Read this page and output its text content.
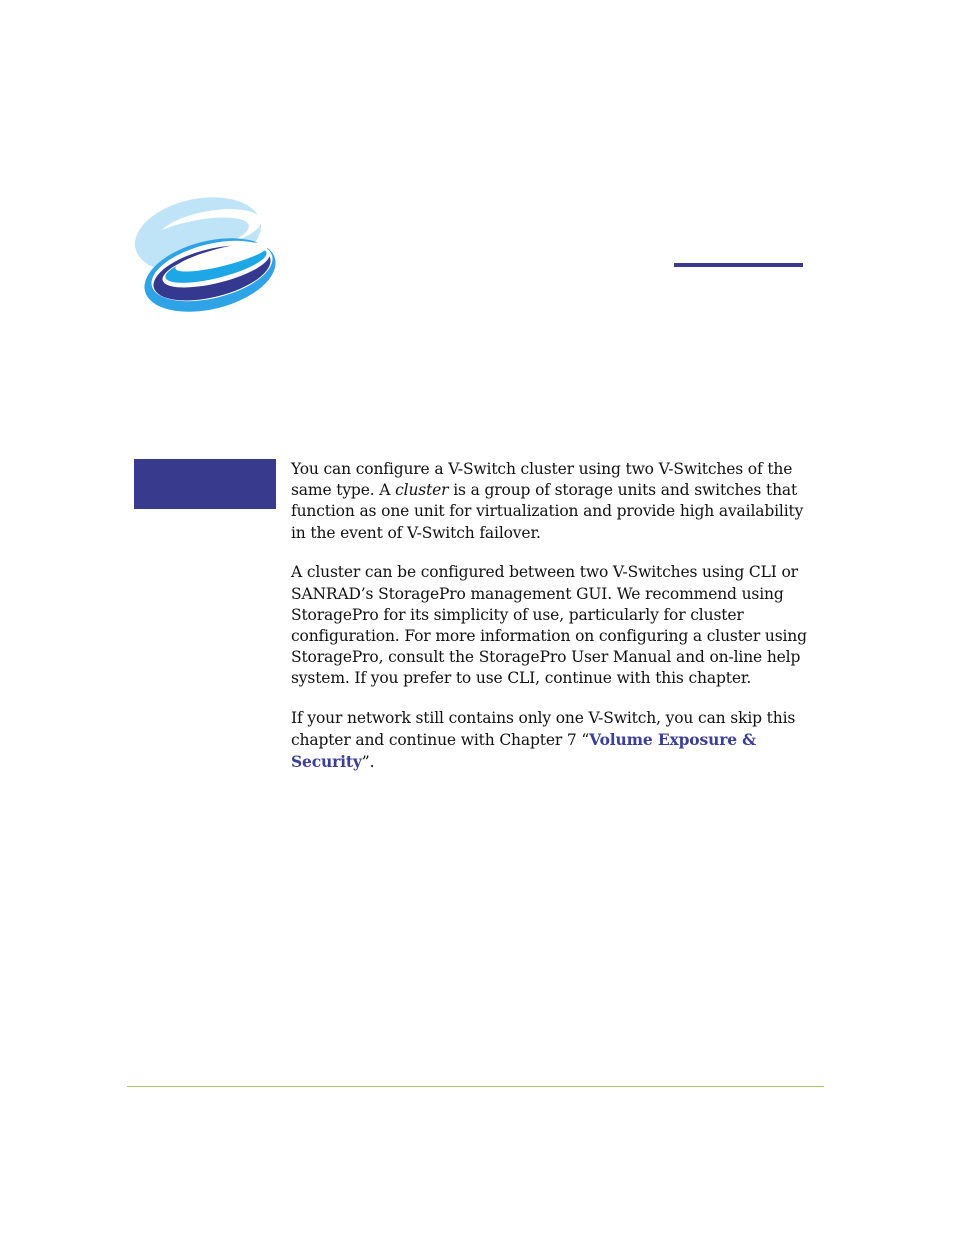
You can configure a V-Switch cluster using two V-Switches of the same type. A cluster is a group of storage units and switches that function as one unit for virtualization and provide high availability in the event of V-Switch failover.

A cluster can be configured between two V-Switches using CLI or SANRAD’s StoragePro management GUI. We recommend using StoragePro for its simplicity of use, particularly for cluster configuration. For more information on configuring a cluster using StoragePro, consult the StoragePro User Manual and on-line help system. If you prefer to use CLI, continue with this chapter.

If your network still contains only one V-Switch, you can skip this chapter and continue with Chapter 7 “Volume Exposure & Security”.
